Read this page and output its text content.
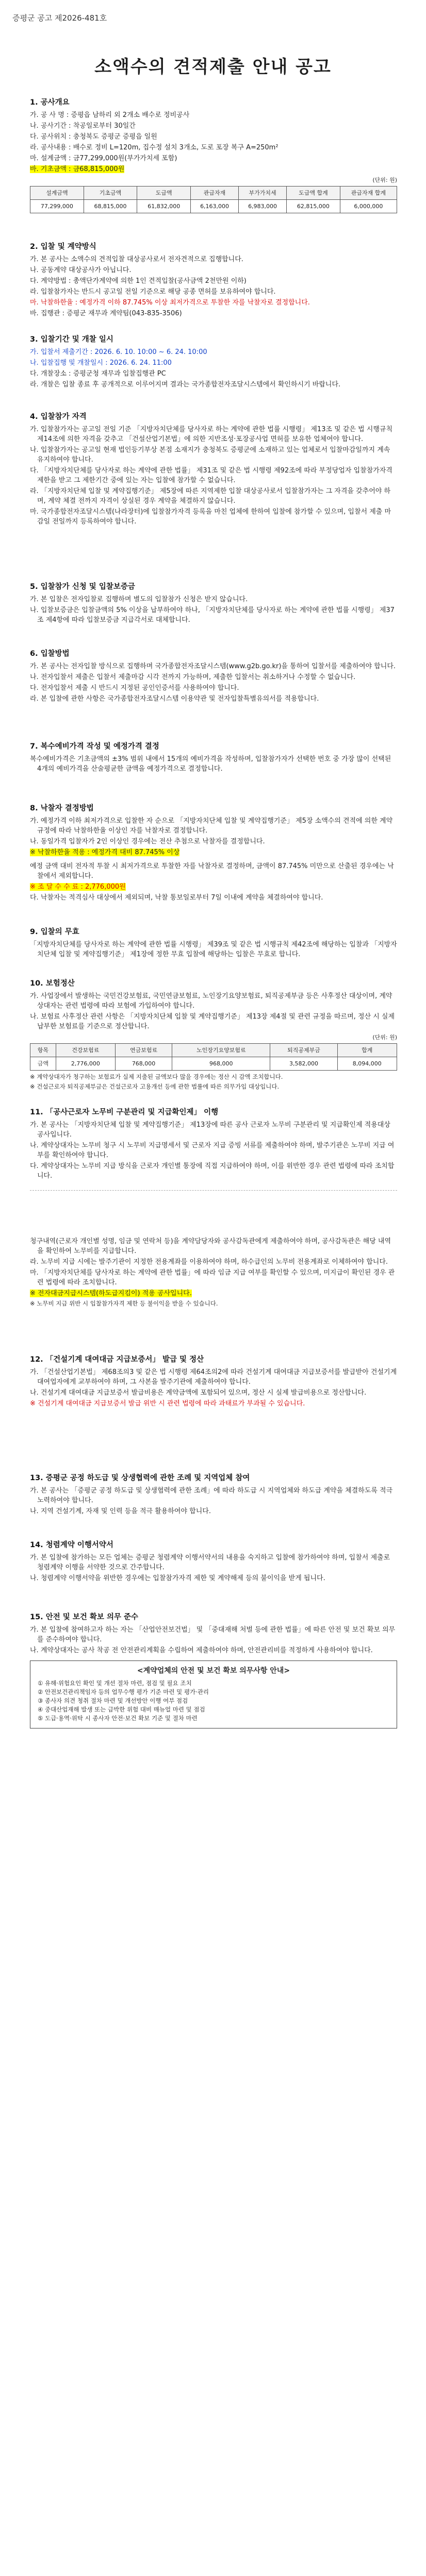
증평군 공고 제2026-481호
소액수의 견적제출 안내 공고
1. 공사개요
가. 공 사 명 : 증평읍 남하리 외 2개소 배수로 정비공사
나. 공사기간 : 착공일로부터 30일간
다. 공사위치 : 충청북도 증평군 증평읍 일원
라. 공사내용 : 배수로 정비 L=120m, 집수정 설치 3개소, 도로 포장 복구 A=250m²
마. 설계금액 : 금77,299,000원(부가가치세 포함)
바. 기초금액 : 금68,815,000원
(단위: 원)
설계금액	기초금액	도급액	관급자재	부가가치세	도급액 합계	관급자재 합계
77,299,000	68,815,000	61,832,000	6,163,000	6,983,000	62,815,000	6,000,000
2. 입찰 및 계약방식
가. 본 공사는 소액수의 견적입찰 대상공사로서 전자견적으로 집행합니다.
나. 공동계약 대상공사가 아닙니다.
다. 계약방법 : 총액단가계약에 의한 1인 견적입찰(공사금액 2천만원 이하)
라. 입찰참가자는 반드시 공고일 전일 기준으로 해당 공종 면허를 보유하여야 합니다.
마. 낙찰하한율 : 예정가격 이하 87.745% 이상 최저가격으로 투찰한 자를 낙찰자로 결정합니다.
바. 집행관 : 증평군 재무과 계약팀(043-835-3506)
3. 입찰기간 및 개찰 일시
가. 입찰서 제출기간 : 2026. 6. 10. 10:00 ~ 6. 24. 10:00
나. 입찰집행 및 개찰일시 : 2026. 6. 24. 11:00
다. 개찰장소 : 증평군청 재무과 입찰집행관 PC
라. 개찰은 입찰 종료 후 공개적으로 이루어지며 결과는 국가종합전자조달시스템에서 확인하시기 바랍니다.
4. 입찰참가 자격
가. 입찰참가자는 공고일 전일 기준 「지방자치단체를 당사자로 하는 계약에 관한 법률 시행령」 제13조 및 같은 법 시행규칙 제14조에 의한 자격을 갖추고 「건설산업기본법」에 의한 지반조성·포장공사업 면허를 보유한 업체여야 합니다.
나. 입찰참가자는 공고일 현재 법인등기부상 본점 소재지가 충청북도 증평군에 소재하고 있는 업체로서 입찰마감일까지 계속 유지하여야 합니다.
다. 「지방자치단체를 당사자로 하는 계약에 관한 법률」 제31조 및 같은 법 시행령 제92조에 따라 부정당업자 입찰참가자격 제한을 받고 그 제한기간 중에 있는 자는 입찰에 참가할 수 없습니다.
라. 「지방자치단체 입찰 및 계약집행기준」 제5장에 따른 지역제한 입찰 대상공사로서 입찰참가자는 그 자격을 갖추어야 하며, 계약 체결 전까지 자격이 상실된 경우 계약을 체결하지 않습니다.
마. 국가종합전자조달시스템(나라장터)에 입찰참가자격 등록을 마친 업체에 한하여 입찰에 참가할 수 있으며, 입찰서 제출 마감일 전일까지 등록하여야 합니다.
5. 입찰참가 신청 및 입찰보증금
가. 본 입찰은 전자입찰로 집행하며 별도의 입찰참가 신청은 받지 않습니다.
나. 입찰보증금은 입찰금액의 5% 이상을 납부하여야 하나, 「지방자치단체를 당사자로 하는 계약에 관한 법률 시행령」 제37조 제4항에 따라 입찰보증금 지급각서로 대체합니다.
6. 입찰방법
가. 본 공사는 전자입찰 방식으로 집행하며 국가종합전자조달시스템(www.g2b.go.kr)을 통하여 입찰서를 제출하여야 합니다.
나. 전자입찰서 제출은 입찰서 제출마감 시각 전까지 가능하며, 제출한 입찰서는 취소하거나 수정할 수 없습니다.
다. 전자입찰서 제출 시 반드시 지정된 공인인증서를 사용하여야 합니다.
라. 본 입찰에 관한 사항은 국가종합전자조달시스템 이용약관 및 전자입찰특별유의서를 적용합니다.
7. 복수예비가격 작성 및 예정가격 결정
복수예비가격은 기초금액의 ±3% 범위 내에서 15개의 예비가격을 작성하며, 입찰참가자가 선택한 번호 중 가장 많이 선택된 4개의 예비가격을 산술평균한 금액을 예정가격으로 결정합니다.
8. 낙찰자 결정방법
가. 예정가격 이하 최저가격으로 입찰한 자 순으로 「지방자치단체 입찰 및 계약집행기준」 제5장 소액수의 견적에 의한 계약 규정에 따라 낙찰하한율 이상인 자를 낙찰자로 결정합니다.
나. 동일가격 입찰자가 2인 이상인 경우에는 전산 추첨으로 낙찰자를 결정합니다.
※ 낙찰하한율 적용 : 예정가격 대비 87.745% 이상
예정 금액 대비 전자적 투찰 시 최저가격으로 투찰한 자를 낙찰자로 결정하며, 금액이 87.745% 미만으로 산출된 경우에는 낙찰에서 제외합니다.
※ 조 달 수 수 료 : 2,776,000원
다. 낙찰자는 적격심사 대상에서 제외되며, 낙찰 통보일로부터 7일 이내에 계약을 체결하여야 합니다.
9. 입찰의 무효
「지방자치단체를 당사자로 하는 계약에 관한 법률 시행령」 제39조 및 같은 법 시행규칙 제42조에 해당하는 입찰과 「지방자치단체 입찰 및 계약집행기준」 제1장에 정한 무효 입찰에 해당하는 입찰은 무효로 합니다.
10. 보험정산
가. 사업장에서 발생하는 국민건강보험료, 국민연금보험료, 노인장기요양보험료, 퇴직공제부금 등은 사후정산 대상이며, 계약상대자는 관련 법령에 따라 보험에 가입하여야 합니다.
나. 보험료 사후정산 관련 사항은 「지방자치단체 입찰 및 계약집행기준」 제13장 제4절 및 관련 규정을 따르며, 정산 시 실제 납부한 보험료를 기준으로 정산합니다.
(단위: 원)
항목	건강보험료	연금보험료	노인장기요양보험료	퇴직공제부금	합계
금액	2,776,000	768,000	968,000	3,582,000	8,094,000
※ 계약상대자가 청구하는 보험료가 실제 지출된 금액보다 많을 경우에는 정산 시 감액 조치합니다.
※ 건설근로자 퇴직공제부금은 건설근로자 고용개선 등에 관한 법률에 따른 의무가입 대상입니다.
11. 「공사근로자 노무비 구분관리 및 지급확인제」 이행
가. 본 공사는 「지방자치단체 입찰 및 계약집행기준」 제13장에 따른 공사 근로자 노무비 구분관리 및 지급확인제 적용대상 공사입니다.
나. 계약상대자는 노무비 청구 시 노무비 지급명세서 및 근로자 지급 증빙 서류를 제출하여야 하며, 발주기관은 노무비 지급 여부를 확인하여야 합니다.
다. 계약상대자는 노무비 지급 방식을 근로자 개인별 통장에 직접 지급하여야 하며, 이를 위반한 경우 관련 법령에 따라 조치합니다.
청구내역(근로자 개인별 성명, 임금 및 연락처 등)을 계약담당자와 공사감독관에게 제출하여야 하며, 공사감독관은 해당 내역을 확인하여 노무비를 지급합니다.
라. 노무비 지급 시에는 발주기관이 지정한 전용계좌를 이용하여야 하며, 하수급인의 노무비 전용계좌로 이체하여야 합니다.
마. 「지방자치단체를 당사자로 하는 계약에 관한 법률」에 따라 임금 지급 여부를 확인할 수 있으며, 미지급이 확인된 경우 관련 법령에 따라 조치합니다.
※ 전자대금지급시스템(하도급지킴이) 적용 공사입니다.
※ 노무비 지급 위반 시 입찰참가자격 제한 등 불이익을 받을 수 있습니다.
12. 「건설기계 대여대금 지급보증서」 발급 및 정산
가. 「건설산업기본법」 제68조의3 및 같은 법 시행령 제64조의2에 따라 건설기계 대여대금 지급보증서를 발급받아 건설기계 대여업자에게 교부하여야 하며, 그 사본을 발주기관에 제출하여야 합니다.
나. 건설기계 대여대금 지급보증서 발급비용은 계약금액에 포함되어 있으며, 정산 시 실제 발급비용으로 정산합니다.
※ 건설기계 대여대금 지급보증서 발급 위반 시 관련 법령에 따라 과태료가 부과될 수 있습니다.
13. 증평군 공정 하도급 및 상생협력에 관한 조례 및 지역업체 참여
가. 본 공사는 「증평군 공정 하도급 및 상생협력에 관한 조례」에 따라 하도급 시 지역업체와 하도급 계약을 체결하도록 적극 노력하여야 합니다.
나. 지역 건설기계, 자재 및 인력 등을 적극 활용하여야 합니다.
14. 청렴계약 이행서약서
가. 본 입찰에 참가하는 모든 업체는 증평군 청렴계약 이행서약서의 내용을 숙지하고 입찰에 참가하여야 하며, 입찰서 제출로 청렴계약 이행을 서약한 것으로 간주합니다.
나. 청렴계약 이행서약을 위반한 경우에는 입찰참가자격 제한 및 계약해제 등의 불이익을 받게 됩니다.
15. 안전 및 보건 확보 의무 준수
가. 본 입찰에 참여하고자 하는 자는 「산업안전보건법」 및 「중대재해 처벌 등에 관한 법률」에 따른 안전 및 보건 확보 의무를 준수하여야 합니다.
나. 계약상대자는 공사 착공 전 안전관리계획을 수립하여 제출하여야 하며, 안전관리비를 적정하게 사용하여야 합니다.
<계약업체의 안전 및 보건 확보 의무사항 안내>
① 유해·위험요인 확인 및 개선 절차 마련, 점검 및 필요 조치
② 안전보건관리책임자 등의 업무수행 평가 기준 마련 및 평가·관리
③ 종사자 의견 청취 절차 마련 및 개선방안 이행 여부 점검
④ 중대산업재해 발생 또는 급박한 위험 대비 매뉴얼 마련 및 점검
⑤ 도급·용역·위탁 시 종사자 안전·보건 확보 기준 및 절차 마련
